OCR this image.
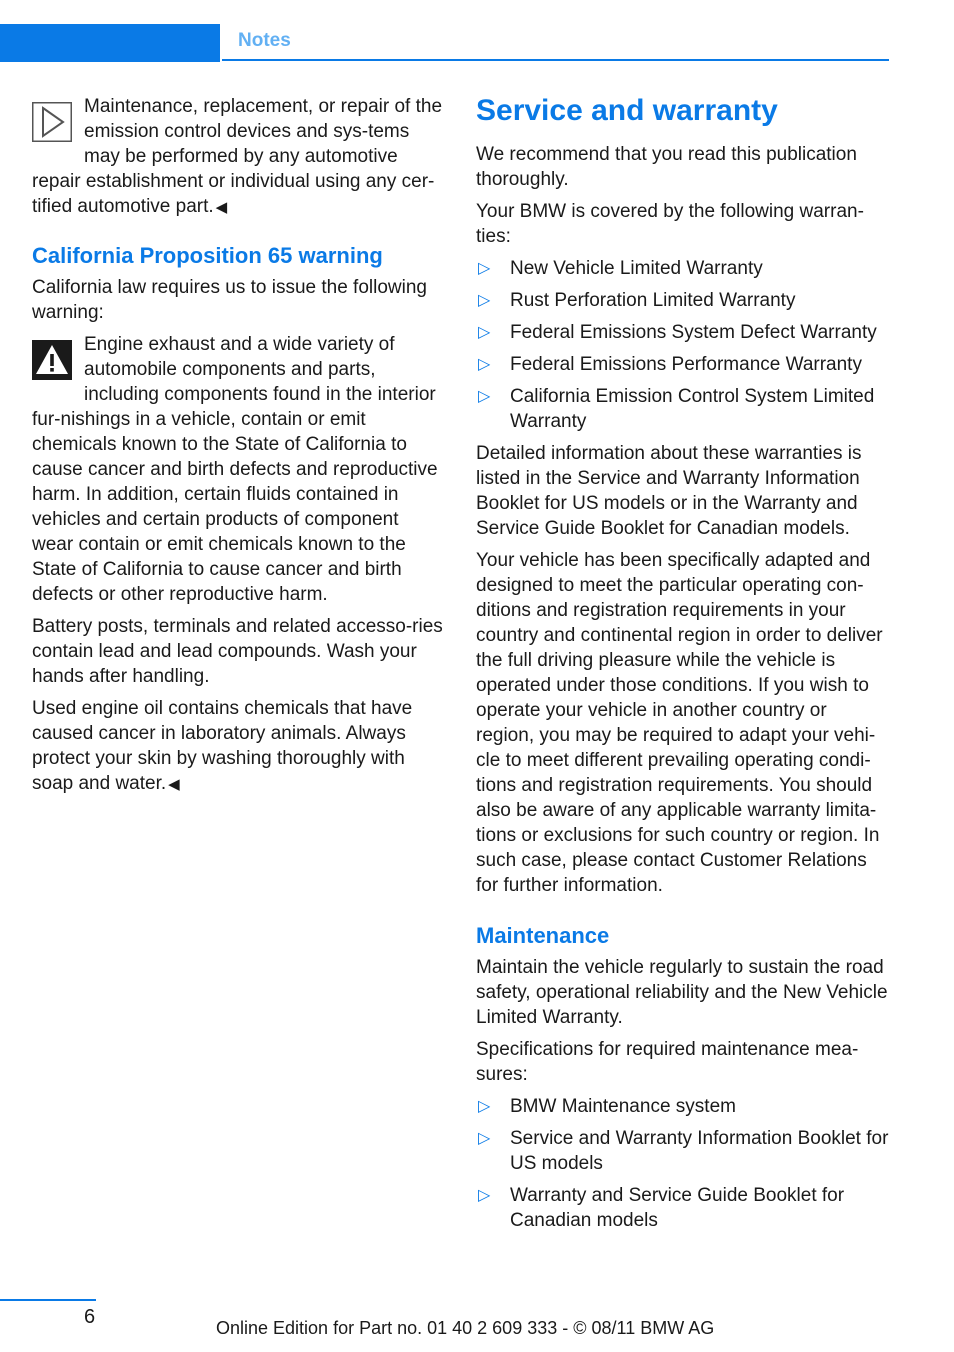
Notes
Maintenance, replacement, or repair of the emission control devices and sys-tems may be performed by any automotive repair establishment or individual using any cer-tified automotive part. ◀
California Proposition 65 warning

California law requires us to issue the following warning:

Engine exhaust and a wide variety of automobile components and parts, including components found in the interior fur-nishings in a vehicle, contain or emit chemicals known to the State of California to cause cancer and birth defects and reproductive harm. In addition, certain fluids contained in vehicles and certain products of component wear contain or emit chemicals known to the State of California to cause cancer and birth defects or other reproductive harm.

Battery posts, terminals and related accesso-ries contain lead and lead compounds. Wash your hands after handling.

Used engine oil contains chemicals that have caused cancer in laboratory animals. Always protect your skin by washing thoroughly with soap and water. ◀

Service and warranty

We recommend that you read this publication thoroughly.

Your BMW is covered by the following warran-ties:

▷ New Vehicle Limited Warranty
▷ Rust Perforation Limited Warranty
▷ Federal Emissions System Defect Warranty
▷ Federal Emissions Performance Warranty
▷ California Emission Control System Limited Warranty

Detailed information about these warranties is listed in the Service and Warranty Information Booklet for US models or in the Warranty and Service Guide Booklet for Canadian models.

Your vehicle has been specifically adapted and designed to meet the particular operating con-ditions and registration requirements in your country and continental region in order to deliver the full driving pleasure while the vehicle is operated under those conditions. If you wish to operate your vehicle in another country or region, you may be required to adapt your vehi-cle to meet different prevailing operating condi-tions and registration requirements. You should also be aware of any applicable warranty limita-tions or exclusions for such country or region. In such case, please contact Customer Relations for further information.

Maintenance

Maintain the vehicle regularly to sustain the road safety, operational reliability and the New Vehicle Limited Warranty.

Specifications for required maintenance mea-sures:

▷ BMW Maintenance system
▷ Service and Warranty Information Booklet for US models
▷ Warranty and Service Guide Booklet for Canadian models
6	Online Edition for Part no. 01 40 2 609 333 - © 08/11 BMW AG
